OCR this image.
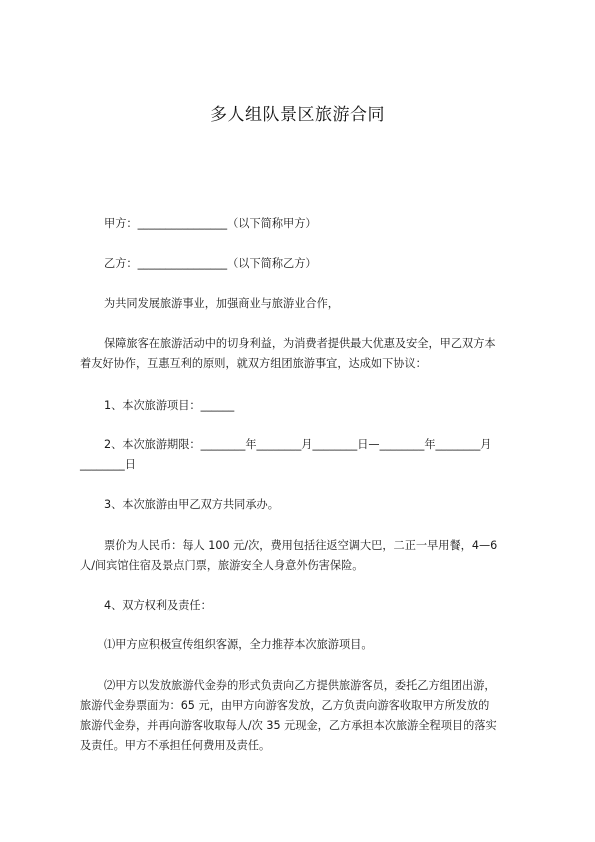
多人组队景区旅游合同
甲方：________________（以下简称甲方）
乙方：________________（以下简称乙方）
为共同发展旅游事业，加强商业与旅游业合作，
保障旅客在旅游活动中的切身利益，为消费者提供最大优惠及安全，甲乙双方本
着友好协作，互惠互利的原则，就双方组团旅游事宜，达成如下协议：
1、本次旅游项目：______
2、本次旅游期限：________年________月________日—________年________月
________日
3、本次旅游由甲乙双方共同承办。
票价为人民币：每人 100 元/次，费用包括往返空调大巴，二正一早用餐，4—6
人/间宾馆住宿及景点门票，旅游安全人身意外伤害保险。
4、双方权利及责任：
⑴甲方应积极宣传组织客源，全力推荐本次旅游项目。
⑵甲方以发放旅游代金券的形式负责向乙方提供旅游客员，委托乙方组团出游，
旅游代金券票面为：65 元，由甲方向游客发放，乙方负责向游客收取甲方所发放的
旅游代金券，并再向游客收取每人/次 35 元现金，乙方承担本次旅游全程项目的落实
及责任。甲方不承担任何费用及责任。
